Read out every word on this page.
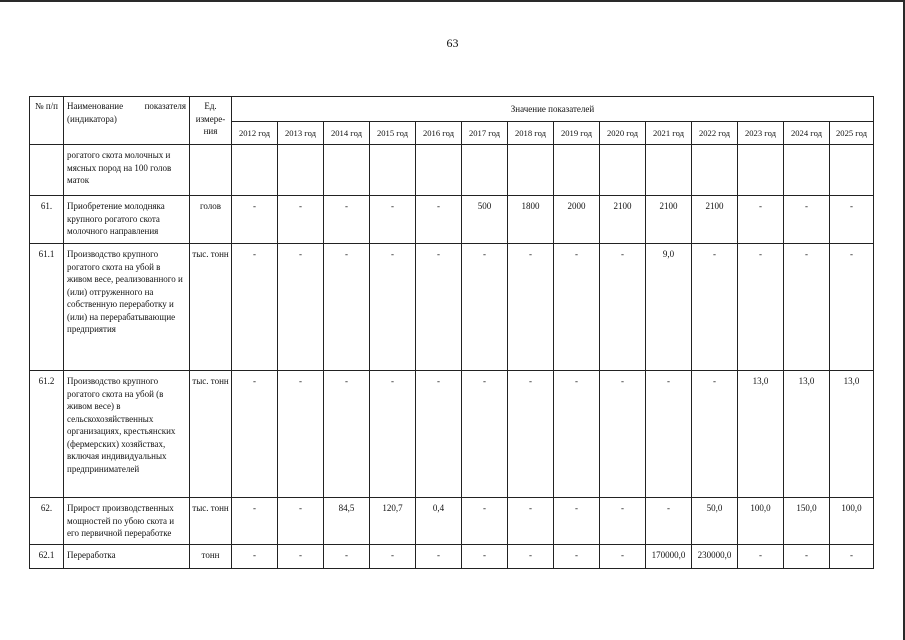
63
№ п/п	Наименование показателя (индикатора)	Ед. измере-ния	Значение показателей													
			2012 год	2013 год	2014 год	2015 год	2016 год	2017 год	2018 год	2019 год	2020 год	2021 год	2022 год	2023 год	2024 год	2025 год
	рогатого скота молочных и мясных пород на 100 голов маток															
61.	Приобретение молодняка крупного рогатого скота молочного направления	голов	-	-	-	-	-	500	1800	2000	2100	2100	2100	-	-	-
61.1	Производство крупного рогатого скота на убой в живом весе, реализованного и (или) отгруженного на собственную переработку и (или) на перерабатывающие предприятия	тыс. тонн	-	-	-	-	-	-	-	-	-	9,0	-	-	-	-
61.2	Производство крупного рогатого скота на убой (в живом весе) в сельскохозяйственных организациях, крестьянских (фермерских) хозяйствах, включая индивидуальных предпринимателей	тыс. тонн	-	-	-	-	-	-	-	-	-	-	-	13,0	13,0	13,0
62.	Прирост производственных мощностей по убою скота и его первичной переработке	тыс. тонн	-	-	84,5	120,7	0,4	-	-	-	-	-	50,0	100,0	150,0	100,0
62.1	Переработка	тонн	-	-	-	-	-	-	-	-	-	170000,0	230000,0	-	-	-
